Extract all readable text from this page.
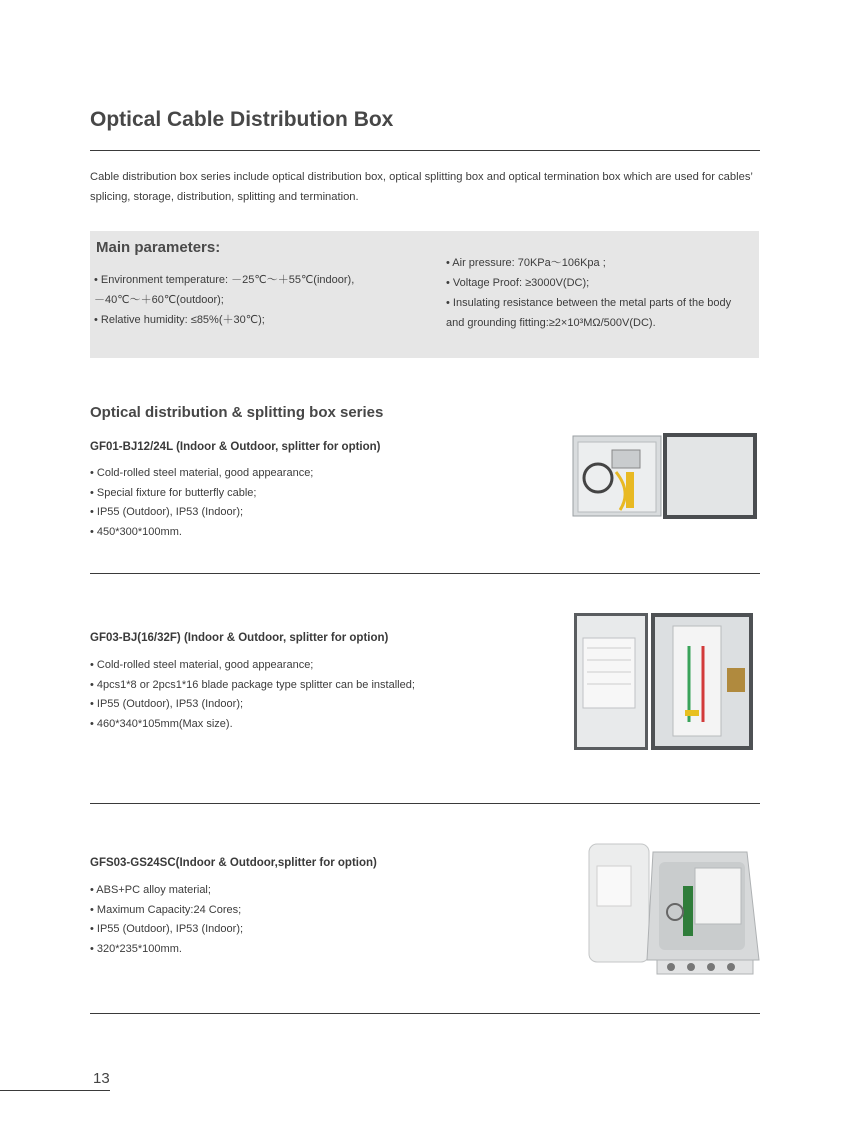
Optical Cable Distribution Box

Cable distribution box series include optical distribution box, optical splitting box and optical termination box which are used for cables’ splicing, storage, distribution, splitting and termination.

Main parameters:
• Environment temperature: －25℃～＋55℃(indoor),
－40℃～＋60℃(outdoor);
• Relative humidity: ≤85%(＋30℃);
• Air pressure: 70KPa～106Kpa ;
• Voltage Proof: ≥3000V(DC);
• Insulating resistance between the metal parts of the body
and grounding fitting:≥2×10³MΩ/500V(DC).
Optical distribution & splitting box series
GF01-BJ12/24L (Indoor & Outdoor, splitter for option)
• Cold-rolled steel material, good appearance;
• Special fixture for butterfly cable;
• IP55 (Outdoor), IP53 (Indoor);
• 450*300*100mm.
GF03-BJ(16/32F) (Indoor & Outdoor, splitter for option)
• Cold-rolled steel material, good appearance;
• 4pcs1*8 or 2pcs1*16 blade package type splitter can be installed;
• IP55 (Outdoor), IP53 (Indoor);
• 460*340*105mm(Max size).
GFS03-GS24SC(Indoor & Outdoor,splitter for option)
• ABS+PC alloy material;
• Maximum Capacity:24 Cores;
• IP55 (Outdoor), IP53 (Indoor);
• 320*235*100mm.
13
